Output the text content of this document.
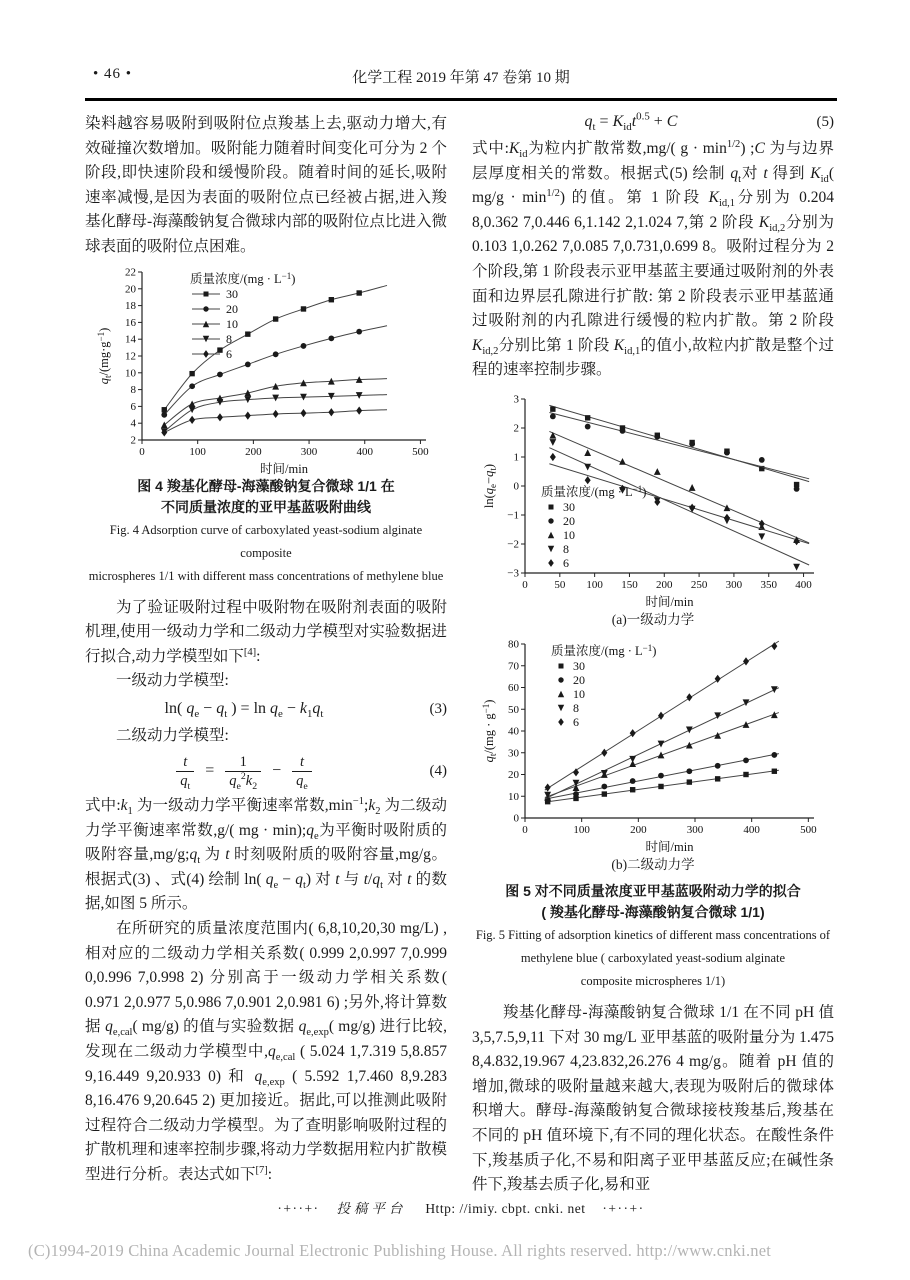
• 46 •	化学工程 2019 年第 47 卷第 10 期

染料越容易吸附到吸附位点羧基上去,驱动力增大,有效碰撞次数增加。吸附能力随着时间变化可分为 2 个阶段,即快速阶段和缓慢阶段。随着时间的延长,吸附速率减慢,是因为表面的吸附位点已经被占据,进入羧基化酵母-海藻酸钠复合微球内部的吸附位点比进入微球表面的吸附位点困难。

0	100	200	300	400	500
2
4
6
8
10
12
14
16
18
20
22
时间/min
$q_t/(mg\cdot g^{-1})$
质量浓度$/(mg \cdot L^{-1})$
30
20
10
8
6
图 4 羧基化酵母-海藻酸钠复合微球 1/1 在
不同质量浓度的亚甲基蓝吸附曲线
Fig. 4 Adsorption curve of carboxylated yeast-sodium alginate composite
microspheres 1/1 with different mass concentrations of methylene blue

为了验证吸附过程中吸附物在吸附剂表面的吸附机理,使用一级动力学和二级动力学模型对实验数据进行拟合,动力学模型如下[4]:

一级动力学模型:

ln( $q_e - q_t$ ) = $\ln q_e - k_1q_t$	(3)

二级动力学模型:

$\frac{t}{q_t} = \frac{1}{q_e^2k_2} - \frac{t}{q_e}$	(4)

式中$:k_1$ 为一级动力学平衡速率常数$,\min^{-1};k_2$ 为二级动力学平衡速率常数,g/( mg · $\min);q_e$为平衡时吸附质的吸附容量$,mg/g;q_t$ 为 t 时刻吸附质的吸附容量,mg/g。根据式(3) 、式(4) 绘制 ln( $q_e - q_t$) 对 t 与 $t/q_t$ 对 t 的数据,如图 5 所示。

在所研究的质量浓度范围内( 6,8,10,20,30 mg/L) ,相对应的二级动力学相关系数( 0.999 2,0.997 7,0.999 0,0.996 7,0.998 2) 分别高于一级动力学相关系数( 0.971 2,0.977 5,0.986 7,0.901 2,0.981 6) ;另外,将计算数据 $q_{e,cal}$( mg/g) 的值与实验数据 $q_{e,exp}$( mg/g) 进行比较,发现在二级动力学模型中$,q_{e,cal}$ ( 5.024 1,7.319 5,8.857 9,16.449 9,20.933 0) 和 $q_{e,exp}$ ( 5.592 1,7.460 8,9.283 8,16.476 9,20.645 2) 更加接近。据此,可以推测此吸附过程符合二级动力学模型。为了查明影响吸附过程的扩散机理和速率控制步骤,将动力学数据用粒内扩散模型进行分析。表达式如下[7]:

$q_t = K_{id}t^{0.5} + C$	(5)

式中$:K_{id}$为粒内扩散常数,mg/( $g \cdot \min^{1/2}$) ;C 为与边界层厚度相关的常数。根据式(5) 绘制 $q_t$对 t 得到 $K_{id}$( $mg/g \cdot \min^{1/2}$) 的值。第 1 阶段 $K_{id,1}$分别为 0.204 8,0.362 7,0.446 6,1.142 2,1.024 7,第 2 阶段 $K_{id,2}$分别为 0.103 1,0.262 7,0.085 7,0.731,0.699 8。吸附过程分为 2 个阶段,第 1 阶段表示亚甲基蓝主要通过吸附剂的外表面和边界层孔隙进行扩散: 第 2 阶段表示亚甲基蓝通过吸附剂的内孔隙进行缓慢的粒内扩散。第 2 阶段 $K_{id,2}$分别比第 1 阶段 $K_{id,1}$的值小,故粒内扩散是整个过程的速率控制步骤。

0 50 100 150 200 250 300 350 400
−3
−2
−1
0
1
2
3
时间/min
$\ln(q_e-q_t)$
质量浓度$/(mg \cdot L^{-1})$
30
20
10
8
6
(a)一级动力学
0	100	200	300	400	500
0
10
20
30
40
50
60
70
80
时间/min
$q_t/(mg \cdot g^{-1})$
质量浓度$/(mg \cdot L^{-1})$
30
20
10
8
6
(b)二级动力学
图 5 对不同质量浓度亚甲基蓝吸附动力学的拟合
( 羧基化酵母-海藻酸钠复合微球 1/1)
Fig. 5 Fitting of adsorption kinetics of different mass concentrations of
methylene blue ( carboxylated yeast-sodium alginate
composite microspheres 1/1)

羧基化酵母-海藻酸钠复合微球 1/1 在不同 pH 值 3,5,7.5,9,11 下对 30 mg/L 亚甲基蓝的吸附量分为 1.475 8,4.832,19.967 4,23.832,26.276 4 mg/g。随着 pH 值的增加,微球的吸附量越来越大,表现为吸附后的微球体积增大。酵母-海藻酸钠复合微球接枝羧基后,羧基在不同的 pH 值环境下,有不同的理化状态。在酸性条件下,羧基质子化,不易和阳离子亚甲基蓝反应;在碱性条件下,羧基去质子化,易和亚

·+··+· 投稿平台 Http: //imiy. cbpt. cnki. net ·+··+·
(C)1994-2019 China Academic Journal Electronic Publishing House. All rights reserved. http://www.cnki.net
